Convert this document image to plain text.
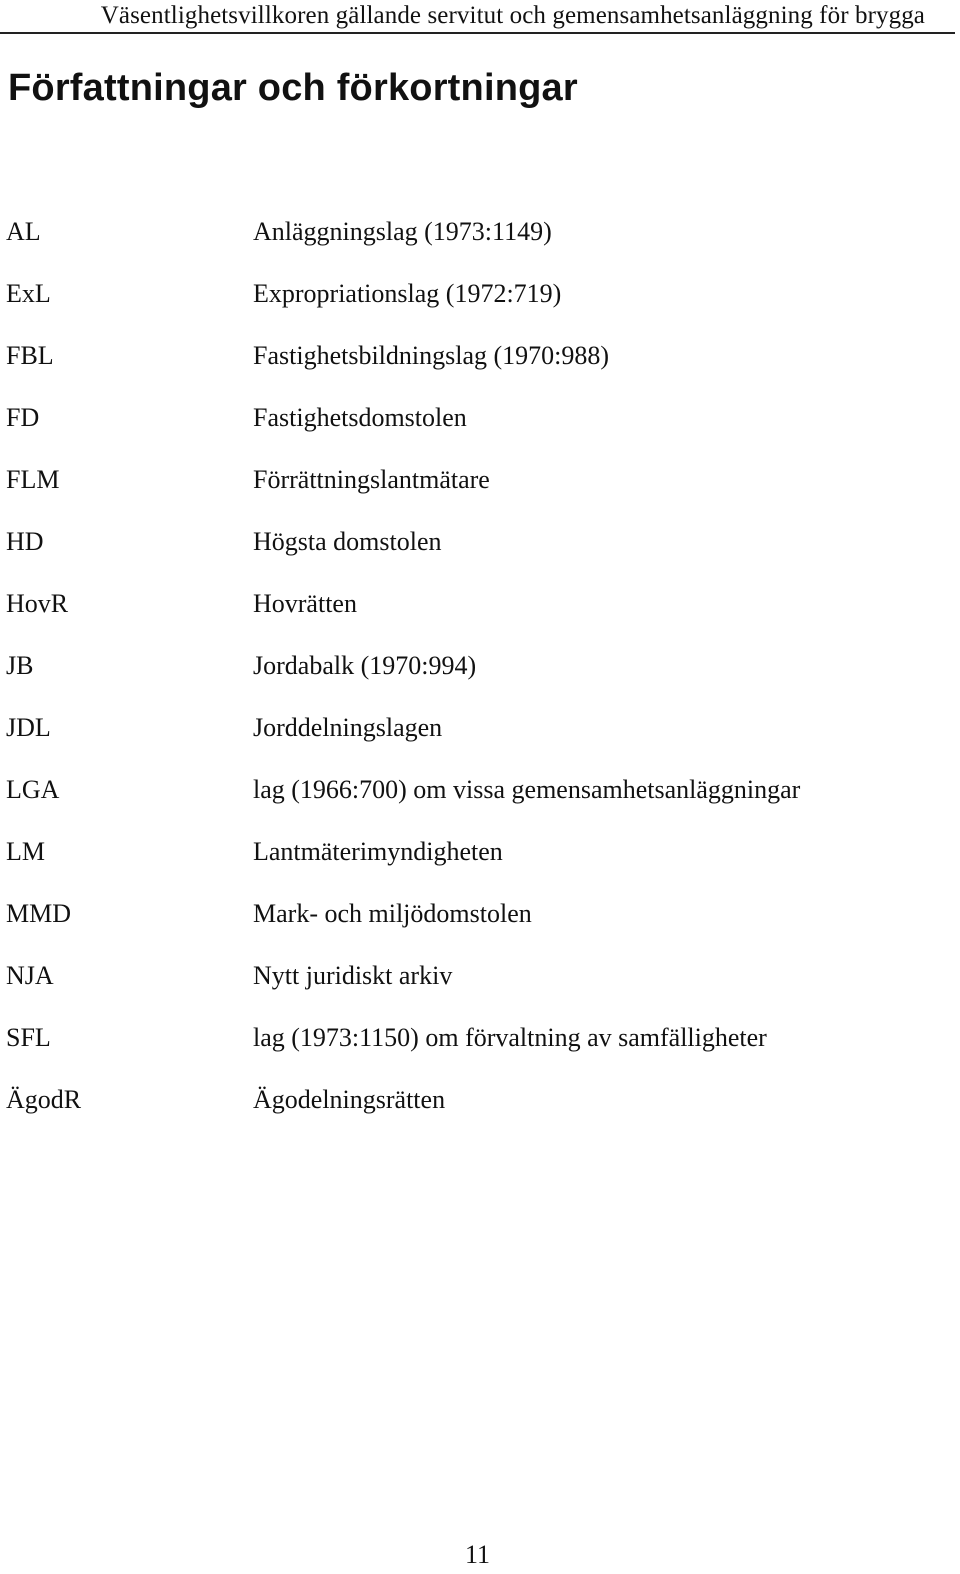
Väsentlighetsvillkoren gällande servitut och gemensamhetsanläggning för brygga
Författningar och förkortningar
AL	Anläggningslag (1973:1149)
ExL	Expropriationslag (1972:719)
FBL	Fastighetsbildningslag (1970:988)
FD	Fastighetsdomstolen
FLM	Förrättningslantmätare
HD	Högsta domstolen
HovR	Hovrätten
JB	Jordabalk (1970:994)
JDL	Jorddelningslagen
LGA	lag (1966:700) om vissa gemensamhetsanläggningar
LM	Lantmäterimyndigheten
MMD	Mark- och miljödomstolen
NJA	Nytt juridiskt arkiv
SFL	lag (1973:1150) om förvaltning av samfälligheter
ÄgodR	Ägodelningsrätten
11
